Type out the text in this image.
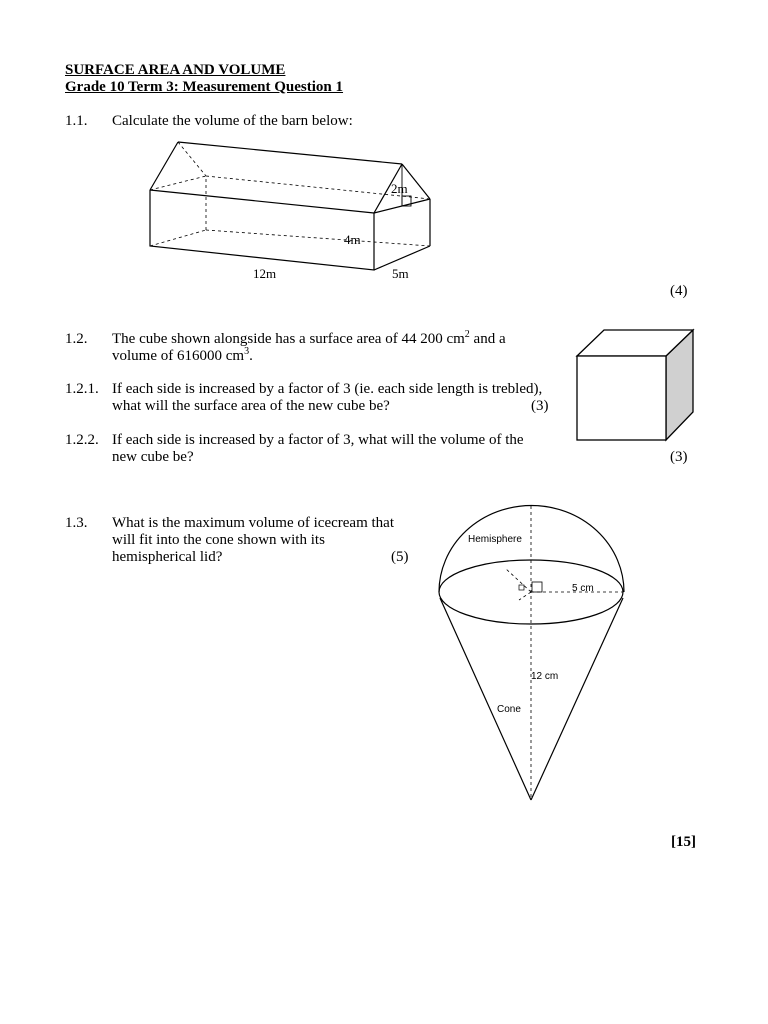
SURFACE AREA AND VOLUME
Grade 10 Term 3: Measurement Question 1
1.1. Calculate the volume of the barn below:
2m
4m
12m	5m
(4)
1.2. The cube shown alongside has a surface area of 44 200 $cm^2$ and a
volume of 616000 $cm^3$.
1.2.1. If each side is increased by a factor of 3 (ie. each side length is trebled),
what will the surface area of the new cube be?	(3)
1.2.2. If each side is increased by a factor of 3, what will the volume of the
new cube be?	(3)
1.3. What is the maximum volume of icecream that
will fit into the cone shown with its
hemispherical lid?	(5)
Hemisphere
5 cm
12 cm
Cone
[15]
